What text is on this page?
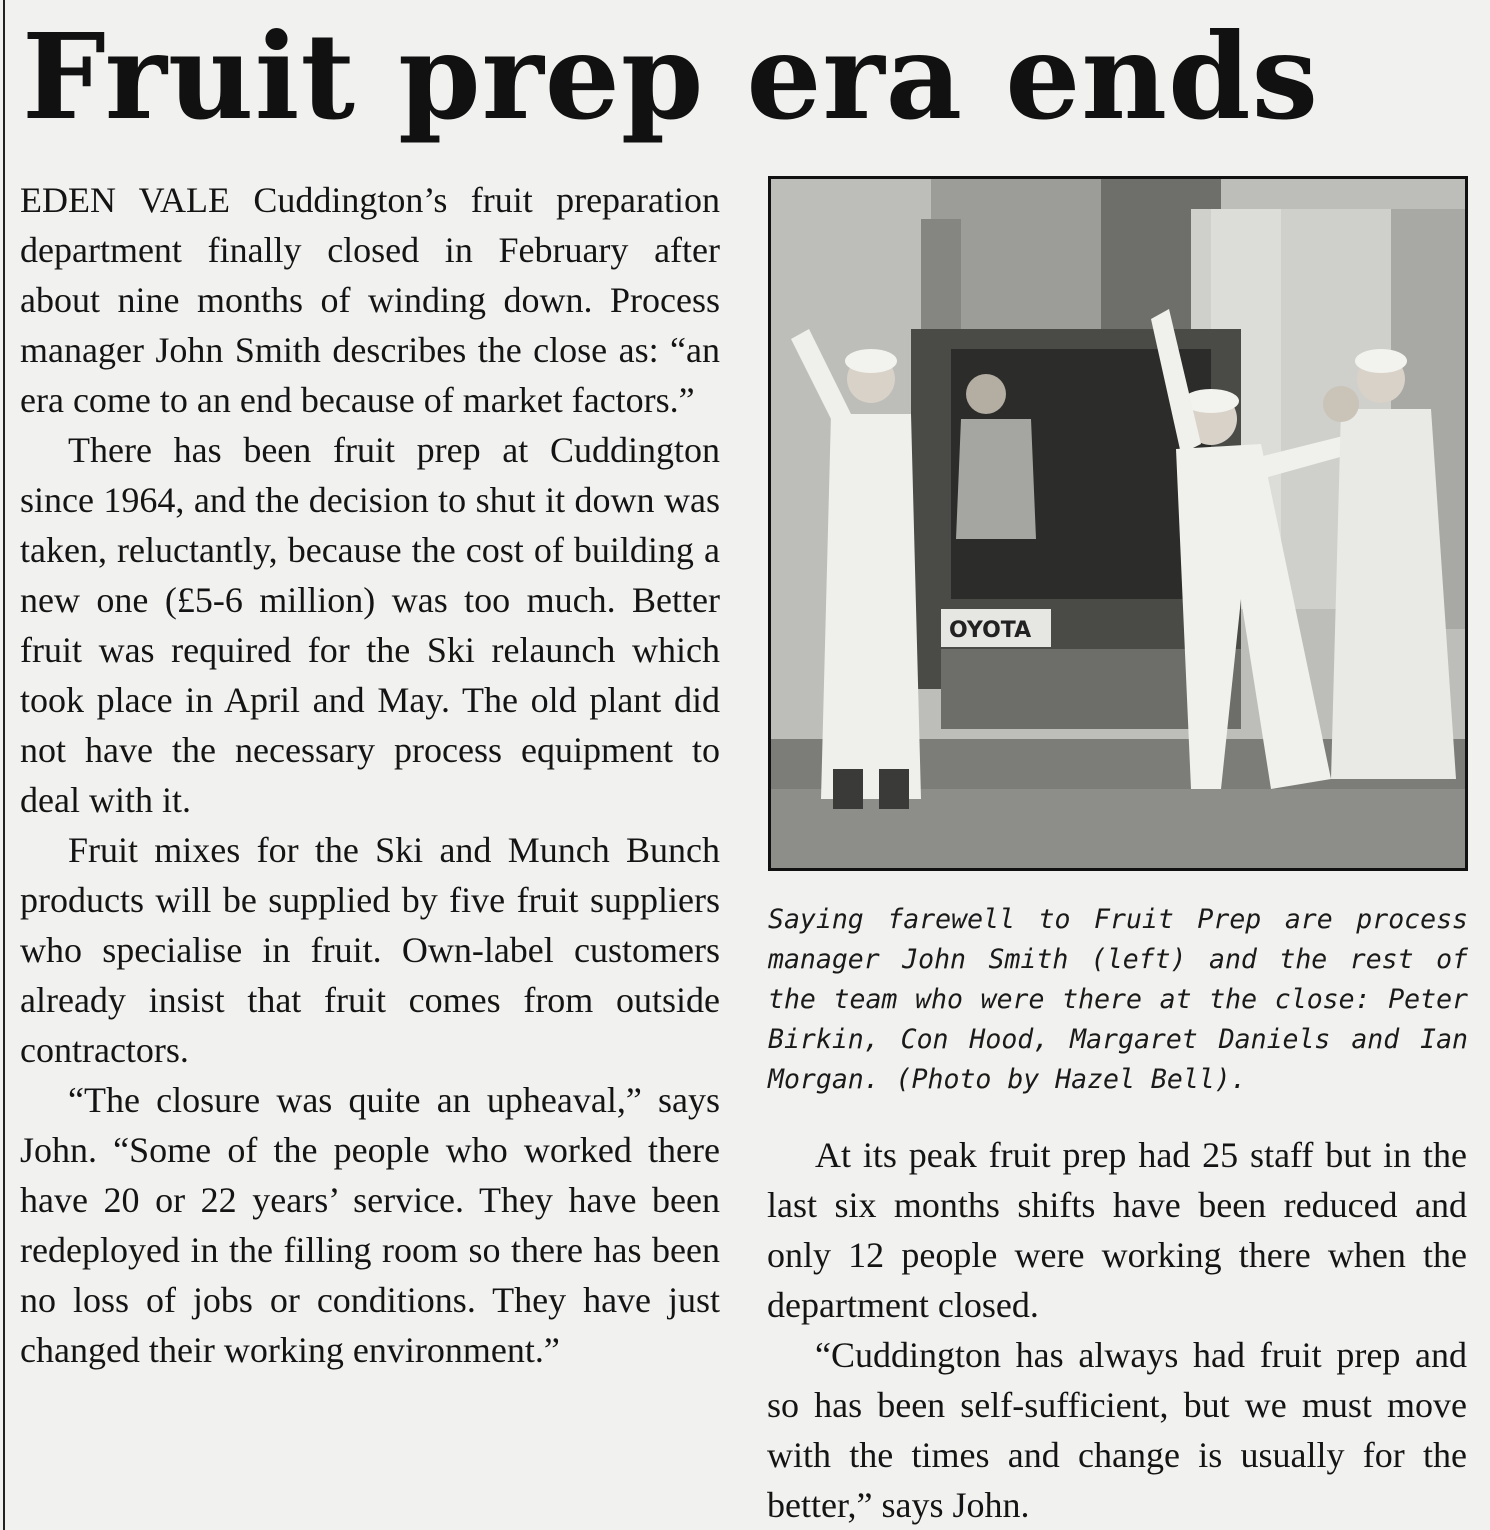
Fruit prep era ends

EDEN VALE Cuddington’s fruit preparation department finally closed in February after about nine months of winding down. Process manager John Smith describes the close as: “an era come to an end because of market factors.”

There has been fruit prep at Cuddington since 1964, and the decision to shut it down was taken, reluctantly, because the cost of building a new one (£5-6 million) was too much. Better fruit was required for the Ski relaunch which took place in April and May. The old plant did not have the necessary process equipment to deal with it.

Fruit mixes for the Ski and Munch Bunch products will be supplied by five fruit suppliers who specialise in fruit. Own-label customers already insist that fruit comes from outside contractors.

“The closure was quite an upheaval,” says John. “Some of the people who worked there have 20 or 22 years’ service. They have been redeployed in the filling room so there has been no loss of jobs or conditions. They have just changed their working environment.”

OYOTA

Saying farewell to Fruit Prep are process manager John Smith (left) and the rest of the team who were there at the close: Peter Birkin, Con Hood, Margaret Daniels and Ian Morgan. (Photo by Hazel Bell).

At its peak fruit prep had 25 staff but in the last six months shifts have been reduced and only 12 people were working there when the department closed.

“Cuddington has always had fruit prep and so has been self-sufficient, but we must move with the times and change is usually for the better,” says John.
